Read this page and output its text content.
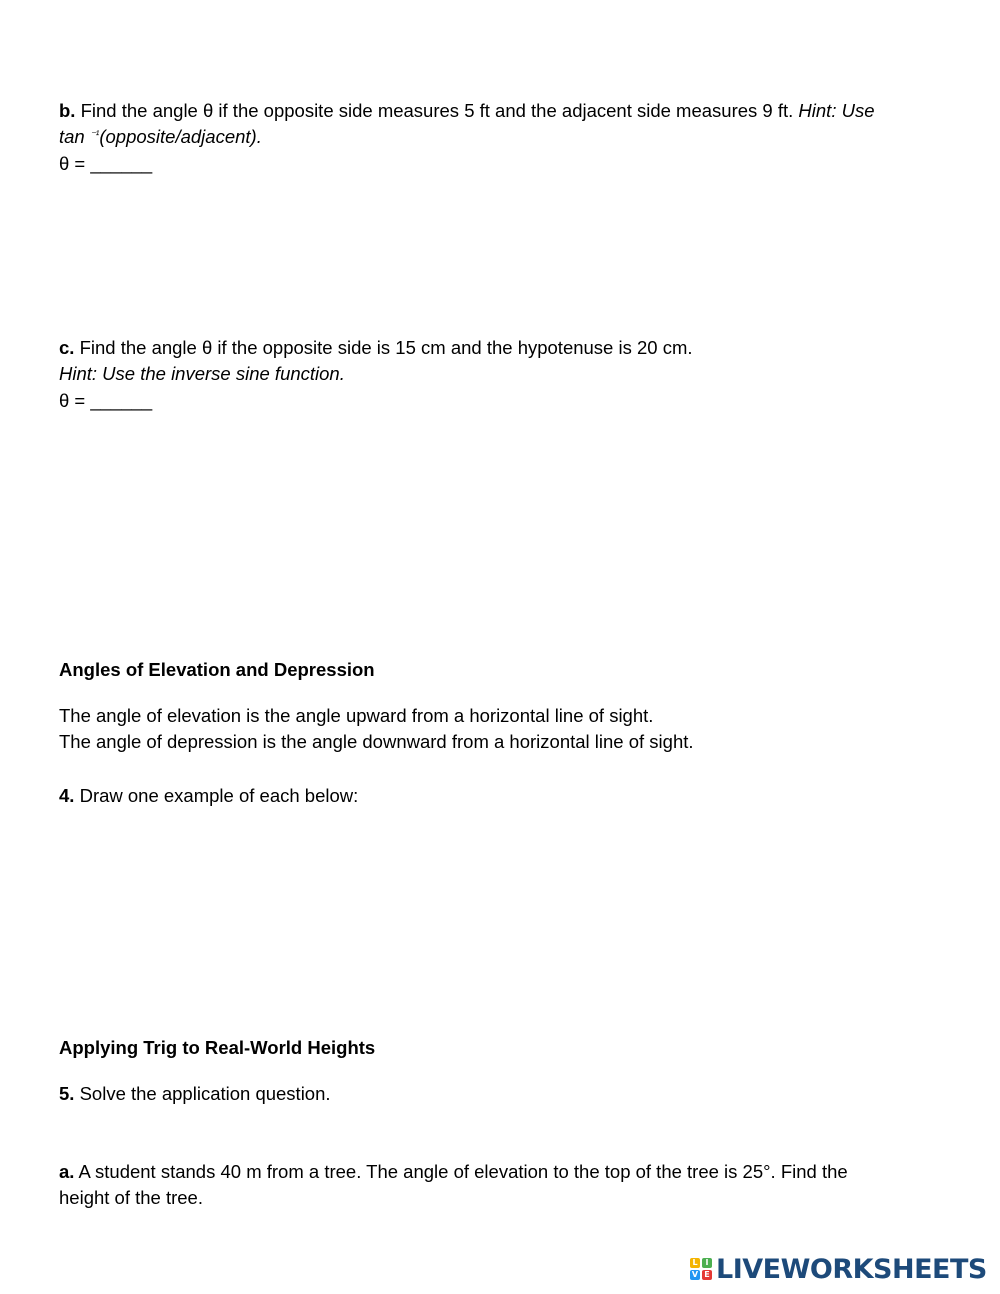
b. Find the angle θ if the opposite side measures 5 ft and the adjacent side measures 9 ft. Hint: Use
tan $^{^{-1}}$(opposite/adjacent).
θ = ______
c. Find the angle θ if the opposite side is 15 cm and the hypotenuse is 20 cm.
Hint: Use the inverse sine function.
θ = ______
Angles of Elevation and Depression
The angle of elevation is the angle upward from a horizontal line of sight.
The angle of depression is the angle downward from a horizontal line of sight.
4. Draw one example of each below:
Applying Trig to Real-World Heights
5. Solve the application question.
a. A student stands 40 m from a tree. The angle of elevation to the top of the tree is 25°. Find the
height of the tree.
L I
V E LIVEWORKSHEETS
